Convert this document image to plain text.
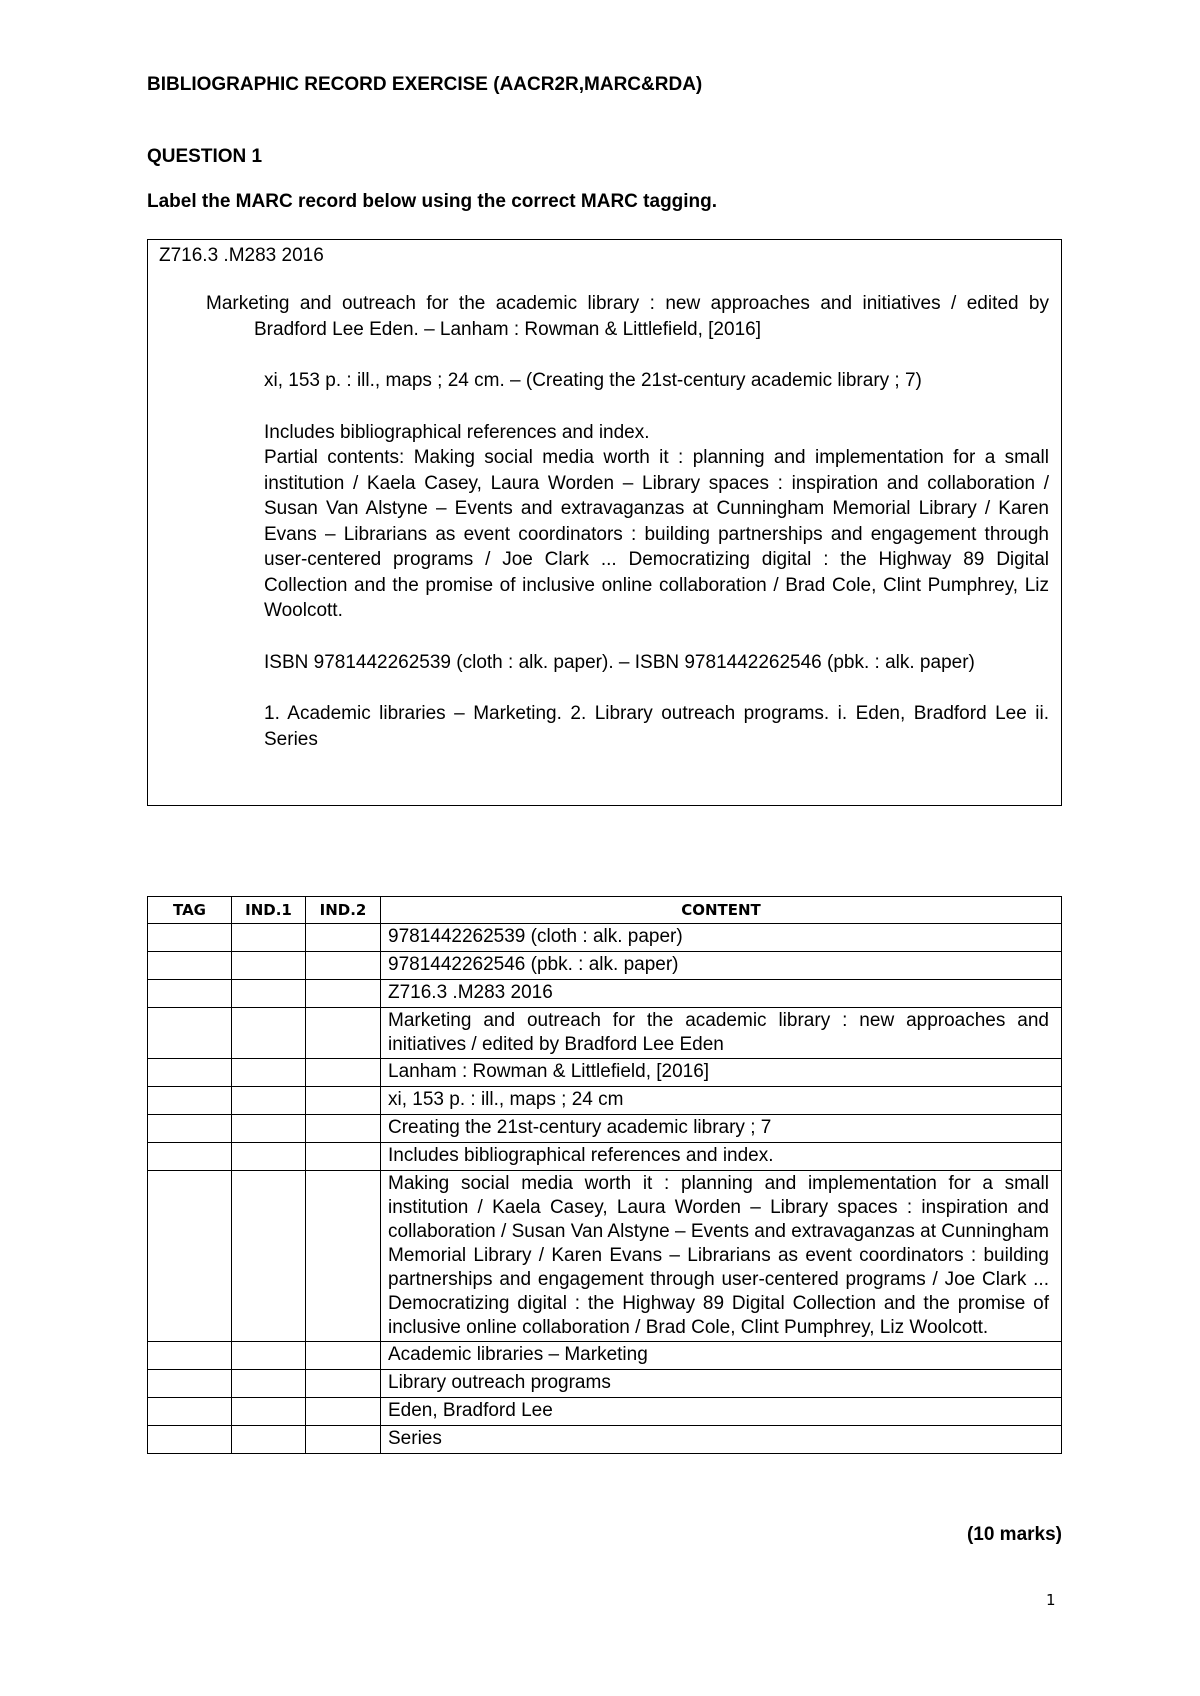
BIBLIOGRAPHIC RECORD EXERCISE (AACR2R,MARC&RDA)
QUESTION 1
Label the MARC record below using the correct MARC tagging.
Z716.3 .M283 2016
Marketing and outreach for the academic library : new approaches and initiatives / edited by Bradford Lee Eden. – Lanham : Rowman & Littlefield, [2016]
xi, 153 p. : ill., maps ; 24 cm. – (Creating the 21st-century academic library ; 7)
Includes bibliographical references and index.
Partial contents: Making social media worth it : planning and implementation for a small institution / Kaela Casey, Laura Worden – Library spaces : inspiration and collaboration / Susan Van Alstyne – Events and extravaganzas at Cunningham Memorial Library / Karen Evans – Librarians as event coordinators : building partnerships and engagement through user-centered programs / Joe Clark ... Democratizing digital : the Highway 89 Digital Collection and the promise of inclusive online collaboration / Brad Cole, Clint Pumphrey, Liz Woolcott.
ISBN 9781442262539 (cloth : alk. paper). – ISBN 9781442262546 (pbk. : alk. paper)
1. Academic libraries – Marketing. 2. Library outreach programs. i. Eden, Bradford Lee ii. Series
TAG	IND.1	IND.2	CONTENT
			9781442262539 (cloth : alk. paper)
			9781442262546 (pbk. : alk. paper)
			Z716.3 .M283 2016
			Marketing and outreach for the academic library : new approaches and initiatives / edited by Bradford Lee Eden
			Lanham : Rowman & Littlefield, [2016]
			xi, 153 p. : ill., maps ; 24 cm
			Creating the 21st-century academic library ; 7
			Includes bibliographical references and index.
			Making social media worth it : planning and implementation for a small institution / Kaela Casey, Laura Worden – Library spaces : inspiration and collaboration / Susan Van Alstyne – Events and extravaganzas at Cunningham Memorial Library / Karen Evans – Librarians as event coordinators : building partnerships and engagement through user-centered programs / Joe Clark ... Democratizing digital : the Highway 89 Digital Collection and the promise of inclusive online collaboration / Brad Cole, Clint Pumphrey, Liz Woolcott.
			Academic libraries – Marketing
			Library outreach programs
			Eden, Bradford Lee
			Series
(10 marks)
1
